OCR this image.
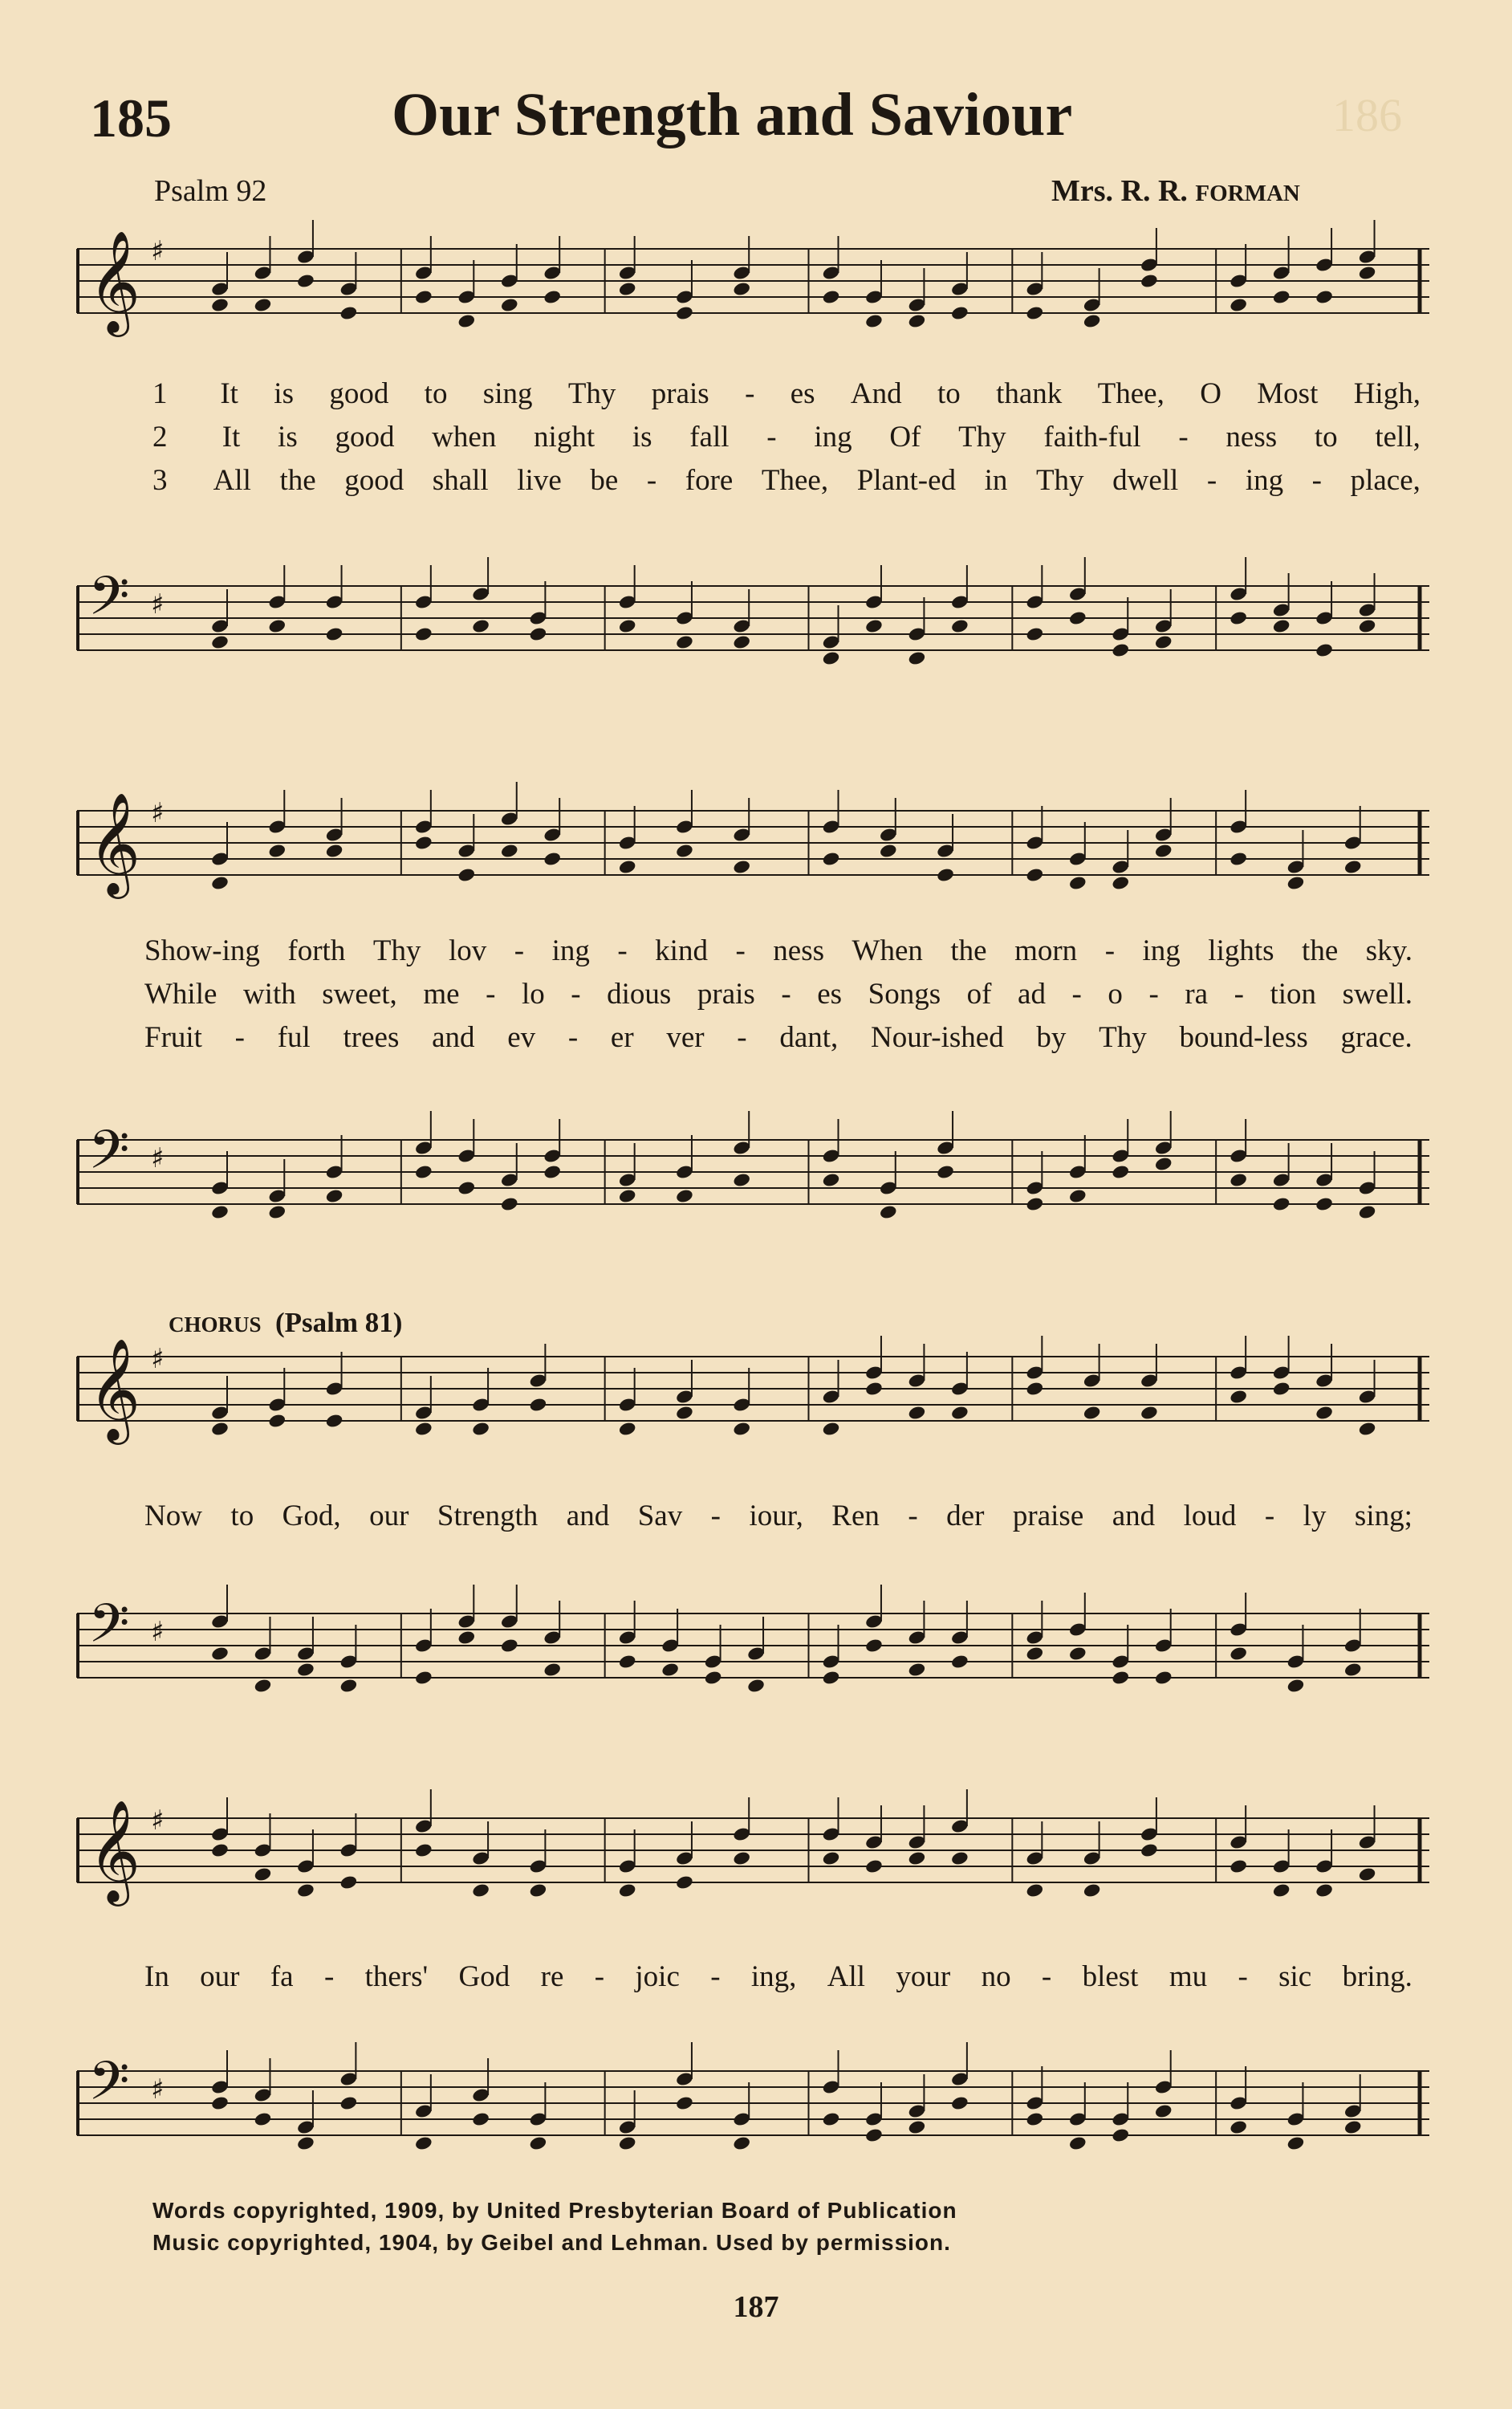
185	Our Strength and Saviour	186
Psalm 92	Mrs. R. R. FORMAN
𝄞 ♯
1	It is good to sing Thy prais - es And to thank Thee, O Most High,
2	It is good when night is fall - ing Of Thy faith-ful - ness to tell,
3	All the good shall live be - fore Thee, Plant-ed in Thy dwell - ing - place,
𝄢 ♯
𝄞 ♯
Show-ing forth Thy lov - ing - kind - ness When the morn - ing lights the sky.
While with sweet, me - lo - dious prais - es Songs of ad - o - ra - tion swell.
Fruit - ful trees and ev - er ver - dant, Nour-ished by Thy bound-less grace.
𝄢 ♯
CHORUS (Psalm 81)
𝄞 ♯
Now to God, our Strength and Sav - iour, Ren - der praise and loud - ly sing;
𝄢 ♯
𝄞 ♯
In our fa - thers' God re - joic - ing, All your no - blest mu - sic bring.
𝄢 ♯
Words copyrighted, 1909, by United Presbyterian Board of Publication
Music copyrighted, 1904, by Geibel and Lehman. Used by permission.
187
